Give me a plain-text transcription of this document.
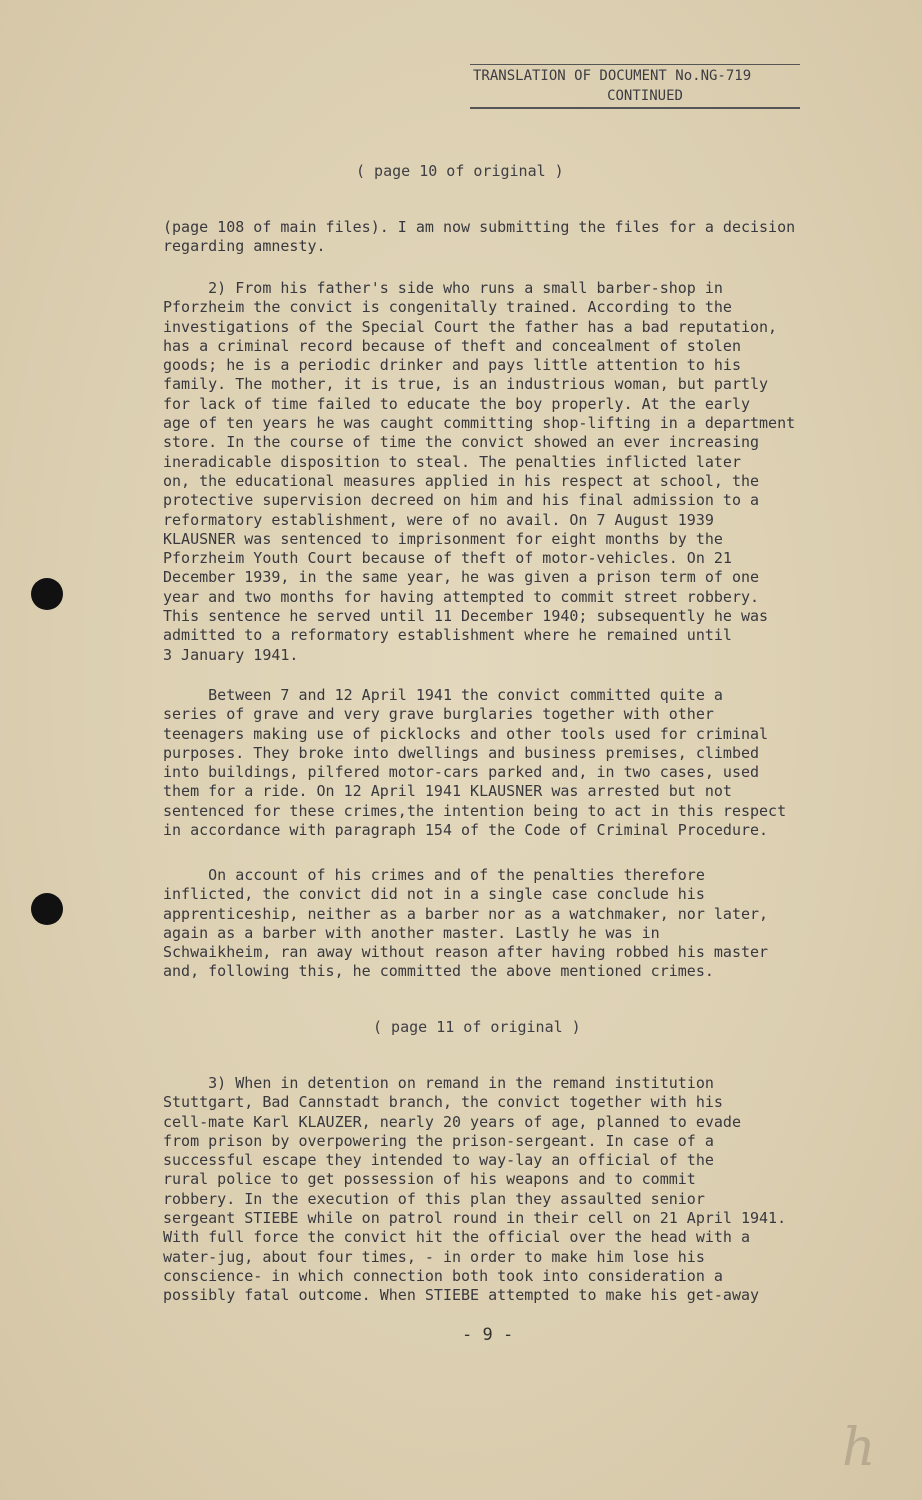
TRANSLATION OF DOCUMENT No.NG-719
CONTINUED
( page 10 of original )
(page 108 of main files). I am now submitting the files for a decision
regarding amnesty.
2) From his father's side who runs a small barber-shop in
Pforzheim the convict is congenitally trained. According to the
investigations of the Special Court the father has a bad reputation,
has a criminal record because of theft and concealment of stolen
goods; he is a periodic drinker and pays little attention to his
family. The mother, it is true, is an industrious woman, but partly
for lack of time failed to educate the boy properly. At the early
age of ten years he was caught committing shop-lifting in a department
store. In the course of time the convict showed an ever increasing
ineradicable disposition to steal. The penalties inflicted later
on, the educational measures applied in his respect at school, the
protective supervision decreed on him and his final admission to a
reformatory establishment, were of no avail. On 7 August 1939
KLAUSNER was sentenced to imprisonment for eight months by the
Pforzheim Youth Court because of theft of motor-vehicles. On 21
December 1939, in the same year, he was given a prison term of one
year and two months for having attempted to commit street robbery.
This sentence he served until 11 December 1940; subsequently he was
admitted to a reformatory establishment where he remained until
3 January 1941.
Between 7 and 12 April 1941 the convict committed quite a
series of grave and very grave burglaries together with other
teenagers making use of picklocks and other tools used for criminal
purposes. They broke into dwellings and business premises, climbed
into buildings, pilfered motor-cars parked and, in two cases, used
them for a ride. On 12 April 1941 KLAUSNER was arrested but not
sentenced for these crimes,the intention being to act in this respect
in accordance with paragraph 154 of the Code of Criminal Procedure.
On account of his crimes and of the penalties therefore
inflicted, the convict did not in a single case conclude his
apprenticeship, neither as a barber nor as a watchmaker, nor later,
again as a barber with another master. Lastly he was in
Schwaikheim, ran away without reason after having robbed his master
and, following this, he committed the above mentioned crimes.
( page 11 of original )
3) When in detention on remand in the remand institution
Stuttgart, Bad Cannstadt branch, the convict together with his
cell-mate Karl KLAUZER, nearly 20 years of age, planned to evade
from prison by overpowering the prison-sergeant. In case of a
successful escape they intended to way-lay an official of the
rural police to get possession of his weapons and to commit
robbery. In the execution of this plan they assaulted senior
sergeant STIEBE while on patrol round in their cell on 21 April 1941.
With full force the convict hit the official over the head with a
water-jug, about four times, - in order to make him lose his
conscience- in which connection both took into consideration a
possibly fatal outcome. When STIEBE attempted to make his get-away
- 9 -
h
